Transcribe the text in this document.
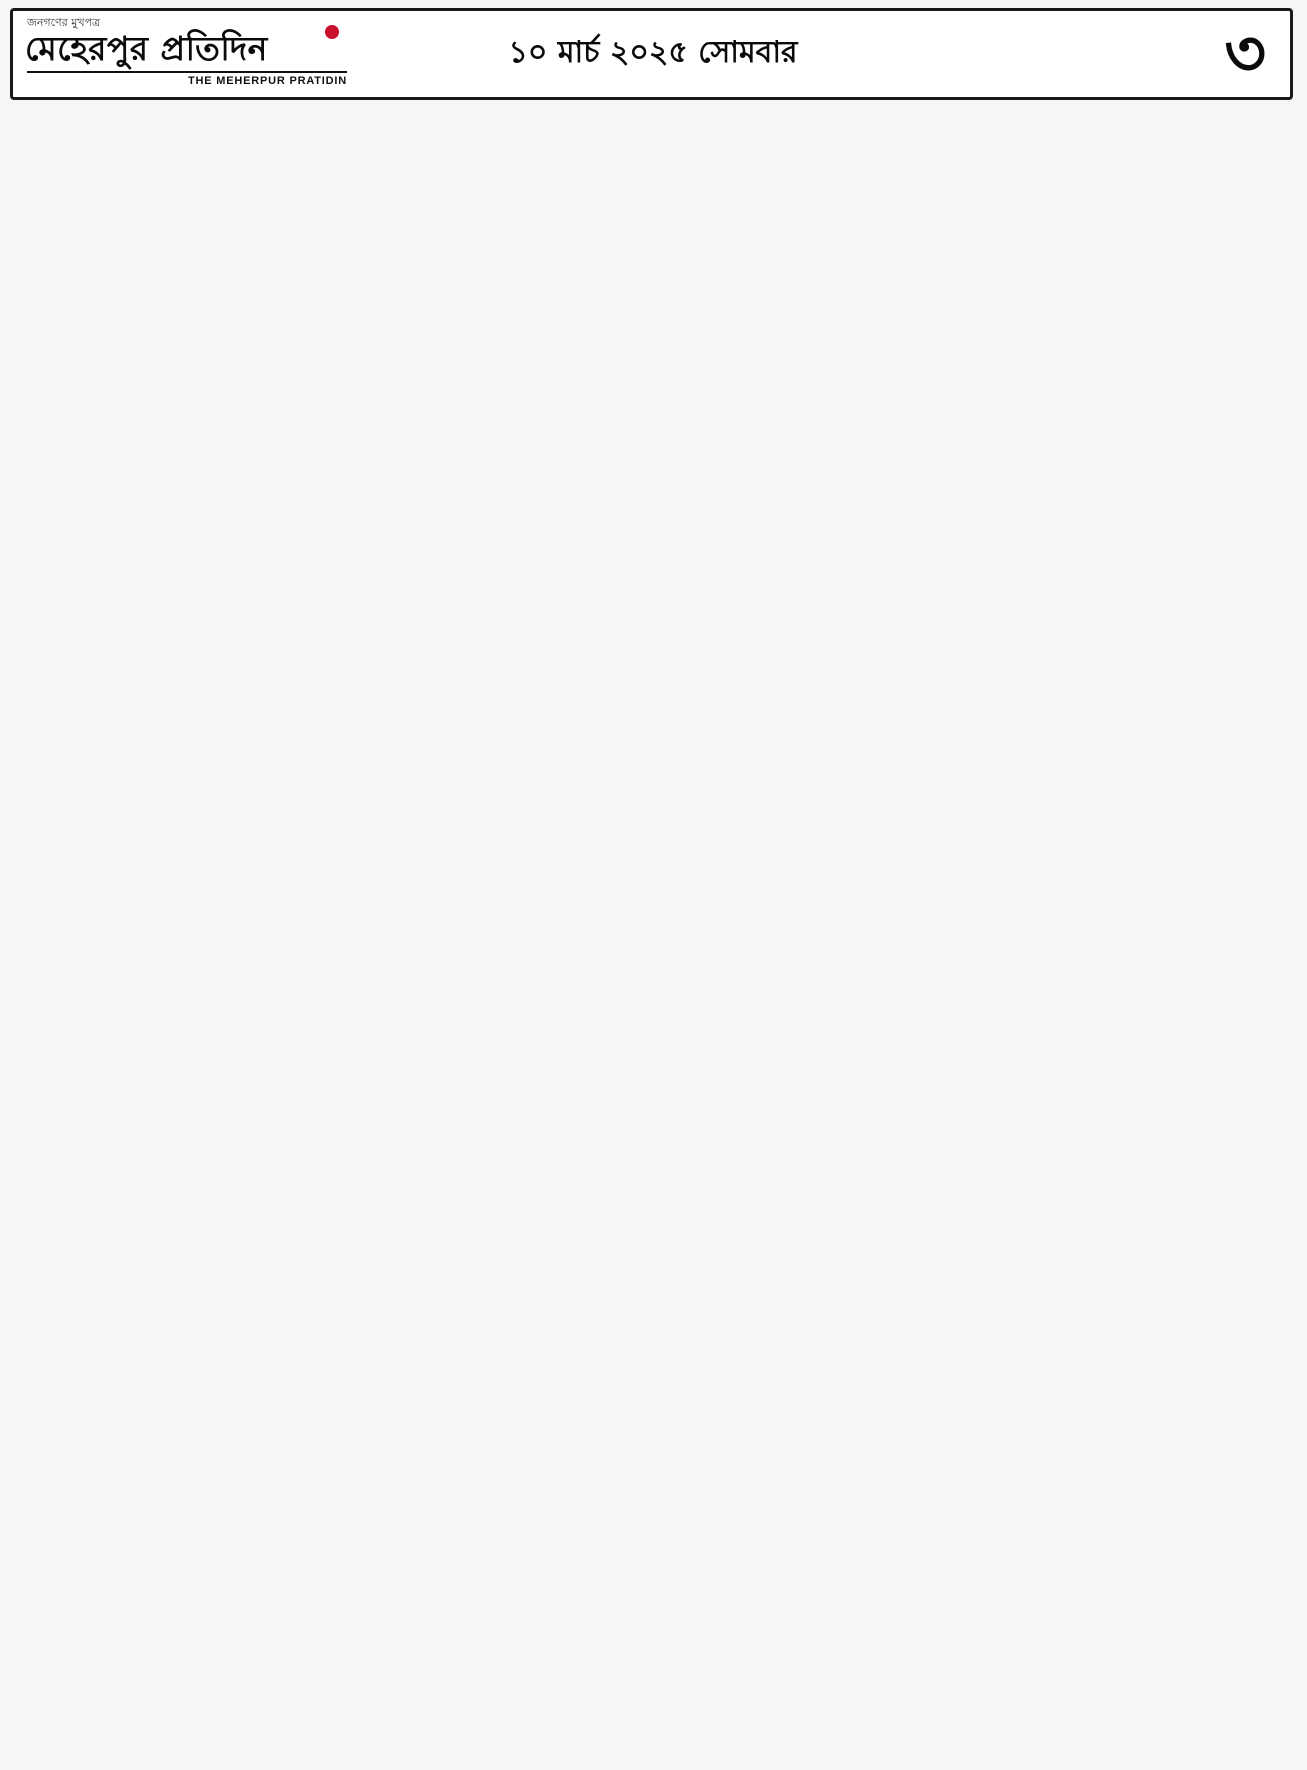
জনগণের মুখপত্র
মেহেরপুর প্রতিদিন
THE MEHERPUR PRATIDIN
১০ মার্চ ২০২৫ সোমবার	৩
